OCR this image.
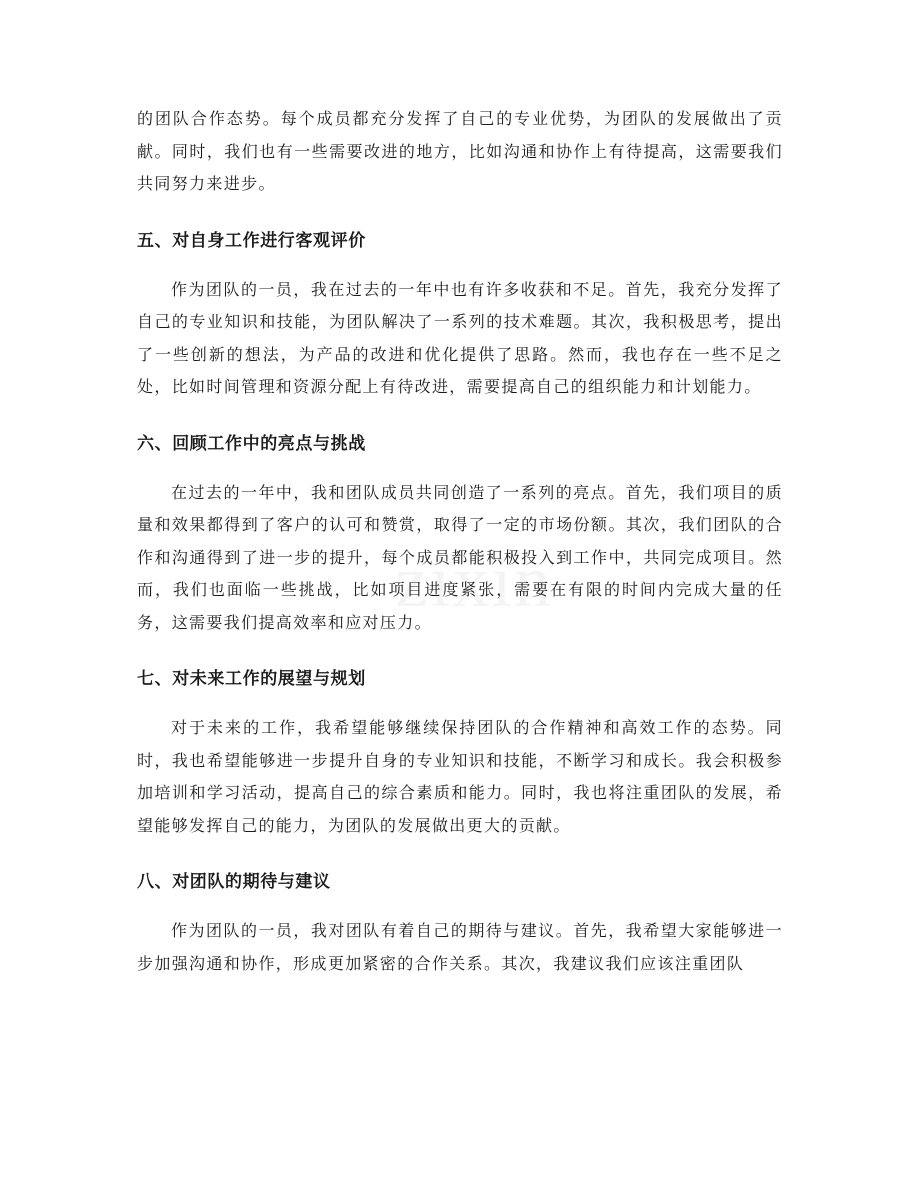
的团队合作态势。每个成员都充分发挥了自己的专业优势，为团队的发展做出了贡献。同时，我们也有一些需要改进的地方，比如沟通和协作上有待提高，这需要我们共同努力来进步。

五、对自身工作进行客观评价

作为团队的一员，我在过去的一年中也有许多收获和不足。首先，我充分发挥了自己的专业知识和技能，为团队解决了一系列的技术难题。其次，我积极思考，提出了一些创新的想法，为产品的改进和优化提供了思路。然而，我也存在一些不足之处，比如时间管理和资源分配上有待改进，需要提高自己的组织能力和计划能力。

六、回顾工作中的亮点与挑战

在过去的一年中，我和团队成员共同创造了一系列的亮点。首先，我们项目的质量和效果都得到了客户的认可和赞赏，取得了一定的市场份额。其次，我们团队的合作和沟通得到了进一步的提升，每个成员都能积极投入到工作中，共同完成项目。然而，我们也面临一些挑战，比如项目进度紧张，需要在有限的时间内完成大量的任务，这需要我们提高效率和应对压力。

七、对未来工作的展望与规划

对于未来的工作，我希望能够继续保持团队的合作精神和高效工作的态势。同时，我也希望能够进一步提升自身的专业知识和技能，不断学习和成长。我会积极参加培训和学习活动，提高自己的综合素质和能力。同时，我也将注重团队的发展，希望能够发挥自己的能力，为团队的发展做出更大的贡献。

八、对团队的期待与建议

作为团队的一员，我对团队有着自己的期待与建议。首先，我希望大家能够进一步加强沟通和协作，形成更加紧密的合作关系。其次，我建议我们应该注重团队
